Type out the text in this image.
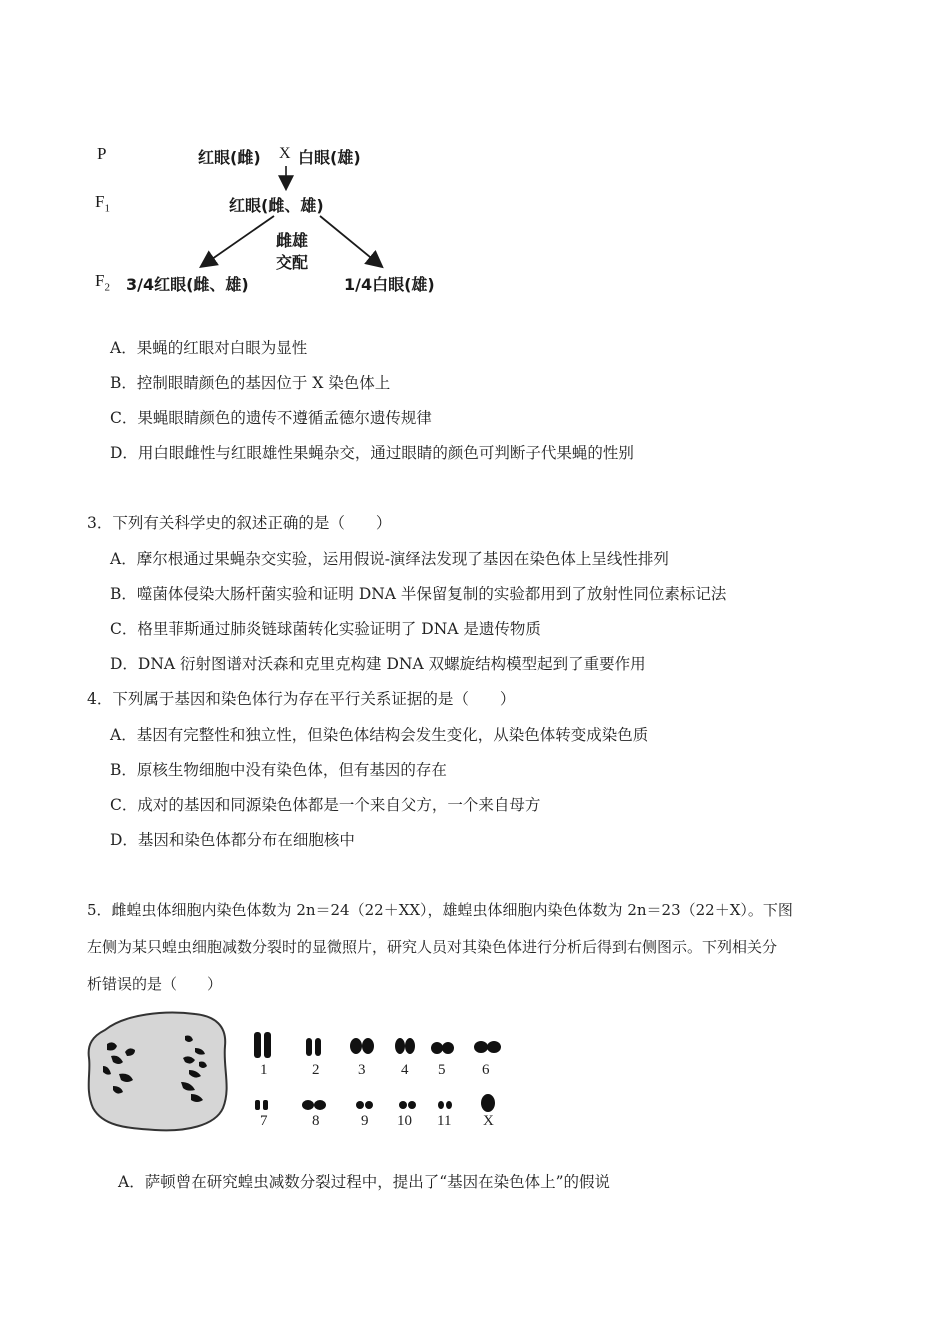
P	红眼(雌) X 白眼(雄)
$F_1$	红眼(雌、雄)
雌雄
交配
$F_2$ 3/4红眼(雌、雄)	1/4白眼(雄)
A．果蝇的红眼对白眼为显性
B．控制眼睛颜色的基因位于 X 染色体上
C．果蝇眼睛颜色的遗传不遵循孟德尔遗传规律
D．用白眼雌性与红眼雄性果蝇杂交，通过眼睛的颜色可判断子代果蝇的性别
3．下列有关科学史的叙述正确的是（　　）
A．摩尔根通过果蝇杂交实验，运用假说-演绎法发现了基因在染色体上呈线性排列
B．噬菌体侵染大肠杆菌实验和证明 DNA 半保留复制的实验都用到了放射性同位素标记法
C．格里菲斯通过肺炎链球菌转化实验证明了 DNA 是遗传物质
D．DNA 衍射图谱对沃森和克里克构建 DNA 双螺旋结构模型起到了重要作用
4．下列属于基因和染色体行为存在平行关系证据的是（　　）
A．基因有完整性和独立性，但染色体结构会发生变化，从染色体转变成染色质
B．原核生物细胞中没有染色体，但有基因的存在
C．成对的基因和同源染色体都是一个来自父方，一个来自母方
D．基因和染色体都分布在细胞核中
5．雌蝗虫体细胞内染色体数为 2n＝24（22＋XX），雄蝗虫体细胞内染色体数为 2n＝23（22＋X）。下图
左侧为某只蝗虫细胞减数分裂时的显微照片，研究人员对其染色体进行分析后得到右侧图示。下列相关分
析错误的是（　　）
1	2	3 4 5 6
7	8	9 10 11 X
A．萨顿曾在研究蝗虫减数分裂过程中，提出了“基因在染色体上”的假说
